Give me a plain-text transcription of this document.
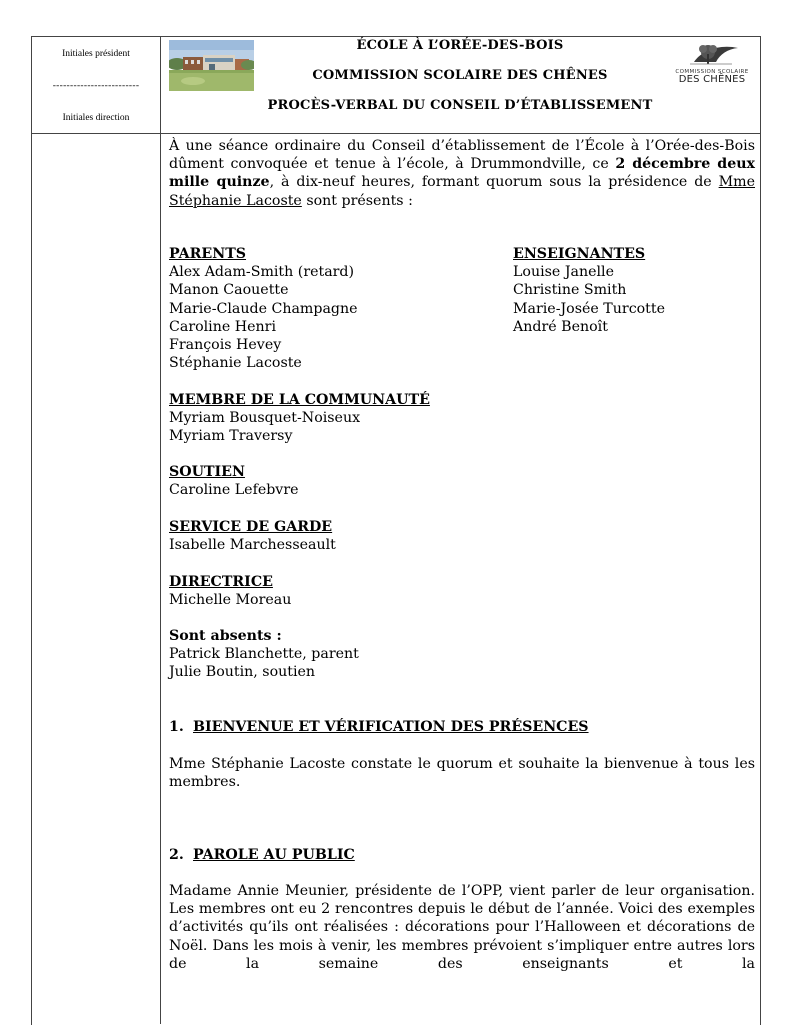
Initiales président
-------------------------
Initiales direction
ÉCOLE À L’ORÉE-DES-BOIS
COMMISSION SCOLAIRE DES CHÊNES
PROCÈS-VERBAL DU CONSEIL D’ÉTABLISSEMENT
COMMISSION SCOLAIRE
DES CHÊNES

À une séance ordinaire du Conseil d’établissement de l’École à l’Orée-des-Bois dûment convoquée et tenue à l’école, à Drummondville, ce 2 décembre deux mille quinze, à dix-neuf heures, formant quorum sous la présidence de Mme Stéphanie Lacoste sont présents :

PARENTS
Alex Adam-Smith (retard)
Manon Caouette
Marie-Claude Champagne
Caroline Henri
François Hevey
Stéphanie Lacoste
ENSEIGNANTES
Louise Janelle
Christine Smith
Marie-Josée Turcotte
André Benoît
MEMBRE DE LA COMMUNAUTÉ
Myriam Bousquet-Noiseux
Myriam Traversy
SOUTIEN
Caroline Lefebvre
SERVICE DE GARDE
Isabelle Marchesseault
DIRECTRICE
Michelle Moreau
Sont absents :
Patrick Blanchette, parent
Julie Boutin, soutien
1. BIENVENUE ET VÉRIFICATION DES PRÉSENCES

Mme Stéphanie Lacoste constate le quorum et souhaite la bienvenue à tous les membres.

2. PAROLE AU PUBLIC

Madame Annie Meunier, présidente de l’OPP, vient parler de leur organisation. Les membres ont eu 2 rencontres depuis le début de l’année. Voici des exemples d’activités qu’ils ont réalisées : décorations pour l’Halloween et décorations de Noël. Dans les mois à venir, les membres prévoient s’impliquer entre autres lors de la semaine des enseignants et la
